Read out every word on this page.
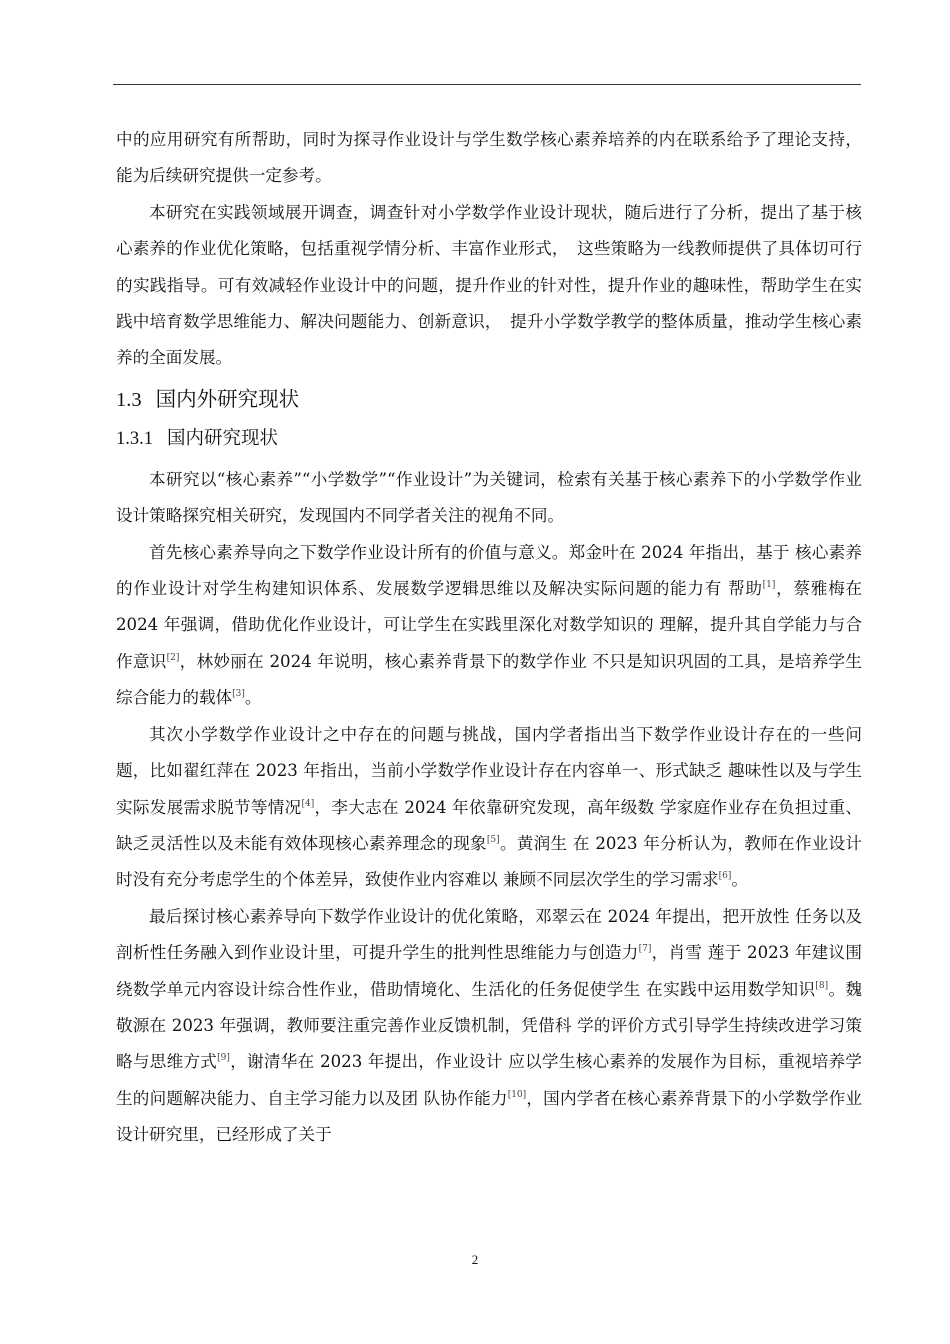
中的应用研究有所帮助，同时为探寻作业设计与学生数学核心素养培养的内在联系给予了理论支持，能为后续研究提供一定参考。

本研究在实践领域展开调查，调查针对小学数学作业设计现状，随后进行了分析，提出了基于核心素养的作业优化策略，包括重视学情分析、丰富作业形式，　这些策略为一线教师提供了具体切可行的实践指导。可有效减轻作业设计中的问题，提升作业的针对性，提升作业的趣味性，帮助学生在实践中培育数学思维能力、解决问题能力、创新意识，　提升小学数学教学的整体质量，推动学生核心素养的全面发展。

1.3 国内外研究现状
1.3.1 国内研究现状

本研究以“核心素养”“小学数学”“作业设计”为关键词，检索有关基于核心素养下的小学数学作业设计策略探究相关研究，发现国内不同学者关注的视角不同。

首先核心素养导向之下数学作业设计所有的价值与意义。郑金叶在 2024 年指出，基于 核心素养的作业设计对学生构建知识体系、发展数学逻辑思维以及解决实际问题的能力有 帮助[1]，蔡雅梅在 2024 年强调，借助优化作业设计，可让学生在实践里深化对数学知识的 理解，提升其自学能力与合作意识[2]，林妙丽在 2024 年说明，核心素养背景下的数学作业 不只是知识巩固的工具，是培养学生综合能力的载体[3]。

其次小学数学作业设计之中存在的问题与挑战，国内学者指出当下数学作业设计存在的一些问题，比如翟红萍在 2023 年指出，当前小学数学作业设计存在内容单一、形式缺乏 趣味性以及与学生实际发展需求脱节等情况[4]，李大志在 2024 年依靠研究发现，高年级数 学家庭作业存在负担过重、缺乏灵活性以及未能有效体现核心素养理念的现象[5]。黄润生 在 2023 年分析认为，教师在作业设计时没有充分考虑学生的个体差异，致使作业内容难以 兼顾不同层次学生的学习需求[6]。

最后探讨核心素养导向下数学作业设计的优化策略，邓翠云在 2024 年提出，把开放性 任务以及剖析性任务融入到作业设计里，可提升学生的批判性思维能力与创造力[7]，肖雪 莲于 2023 年建议围绕数学单元内容设计综合性作业，借助情境化、生活化的任务促使学生 在实践中运用数学知识[8]。魏敬源在 2023 年强调，教师要注重完善作业反馈机制，凭借科 学的评价方式引导学生持续改进学习策略与思维方式[9]，谢清华在 2023 年提出，作业设计 应以学生核心素养的发展作为目标，重视培养学生的问题解决能力、自主学习能力以及团 队协作能力[10]，国内学者在核心素养背景下的小学数学作业设计研究里，已经形成了关于

2
